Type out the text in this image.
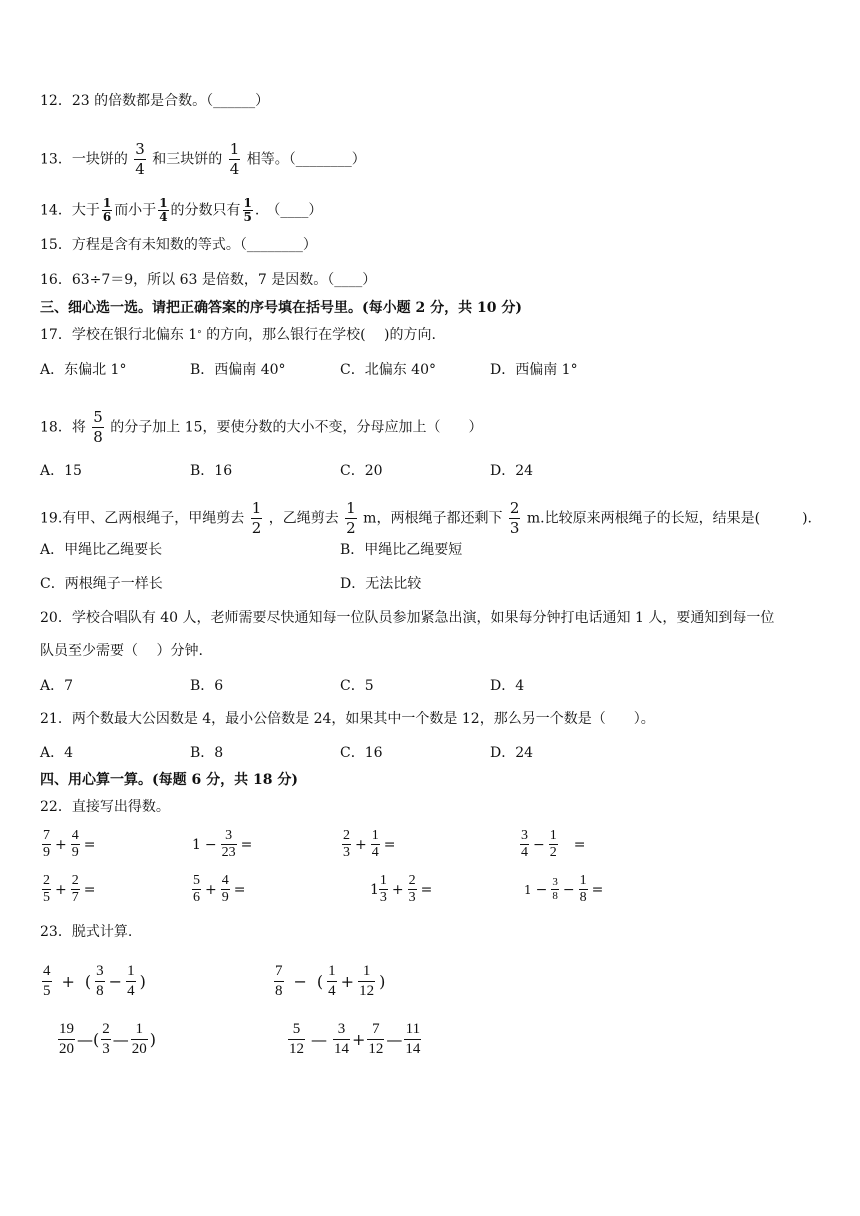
12．23 的倍数都是合数。（______）
13．一块饼的 $\frac{3}{4}$ 和三块饼的 $\frac{1}{4}$ 相等。（________）
14．大于 $\frac{1}{6}$ 而小于 $\frac{1}{4}$ 的分数只有 $\frac{1}{5}$ .　（____）
15．方程是含有未知数的等式。（________）
16．63÷7＝9，所以 63 是倍数，7 是因数。（____）
三、细心选一选。请把正确答案的序号填在括号里。(每小题 2 分，共 10 分)
17．学校在银行北偏东 1° 的方向，那么银行在学校(　 )的方向.
A．东偏北 1°	B．西偏南 40°	C．北偏东 40°	D．西偏南 1°
18．将 $\frac{5}{8}$ 的分子加上 15，要使分数的大小不变，分母应加上（　　）
A．15	B．16	C．20	D．24
19.有甲、乙两根绳子，甲绳剪去 $\frac{1}{2}$ ，乙绳剪去 $\frac{1}{2}$ m，两根绳子都还剩下 $\frac{2}{3} m$.比较原来两根绳子的长短，结果是(　　　).
A．甲绳比乙绳要长	B．甲绳比乙绳要短
C．两根绳子一样长	D．无法比较
20．学校合唱队有 40 人，老师需要尽快通知每一位队员参加紧急出演，如果每分钟打电话通知 1 人，要通知到每一位
队员至少需要（　 ）分钟.
A．7	B．6	C．5	D．4
21．两个数最大公因数是 4，最小公倍数是 24，如果其中一个数是 12，那么另一个数是（　　）。
A．4	B．8	C．16	D．24
四、用心算一算。(每题 6 分，共 18 分)
22．直接写出得数。
$\frac{7}{9} + \frac{4}{9}$ =	$1 - \frac{3}{23}$ =	$\frac{2}{3} + \frac{1}{4}$ =	$\frac{3}{4} - \frac{1}{2}$ =
$\frac{2}{5} + \frac{2}{7}$ =	$\frac{5}{6} + \frac{4}{9}$ =	$1 \frac{1}{3} + \frac{2}{3}$ =	$1 - \frac{3}{8} - \frac{1}{8}$ =
23．脱式计算.
$\frac{4}{5}$ + ( $\frac{3}{8} - \frac{1}{4}$ )	$\frac{7}{8}$ − ( $\frac{1}{4} + \frac{1}{12}$ )
$\frac{19}{20}$ —( $\frac{2}{3}$ — $\frac{1}{20}$ )	$\frac{5}{12}$ — $\frac{3}{14} + \frac{7}{12}$ — $\frac{11}{14}$
